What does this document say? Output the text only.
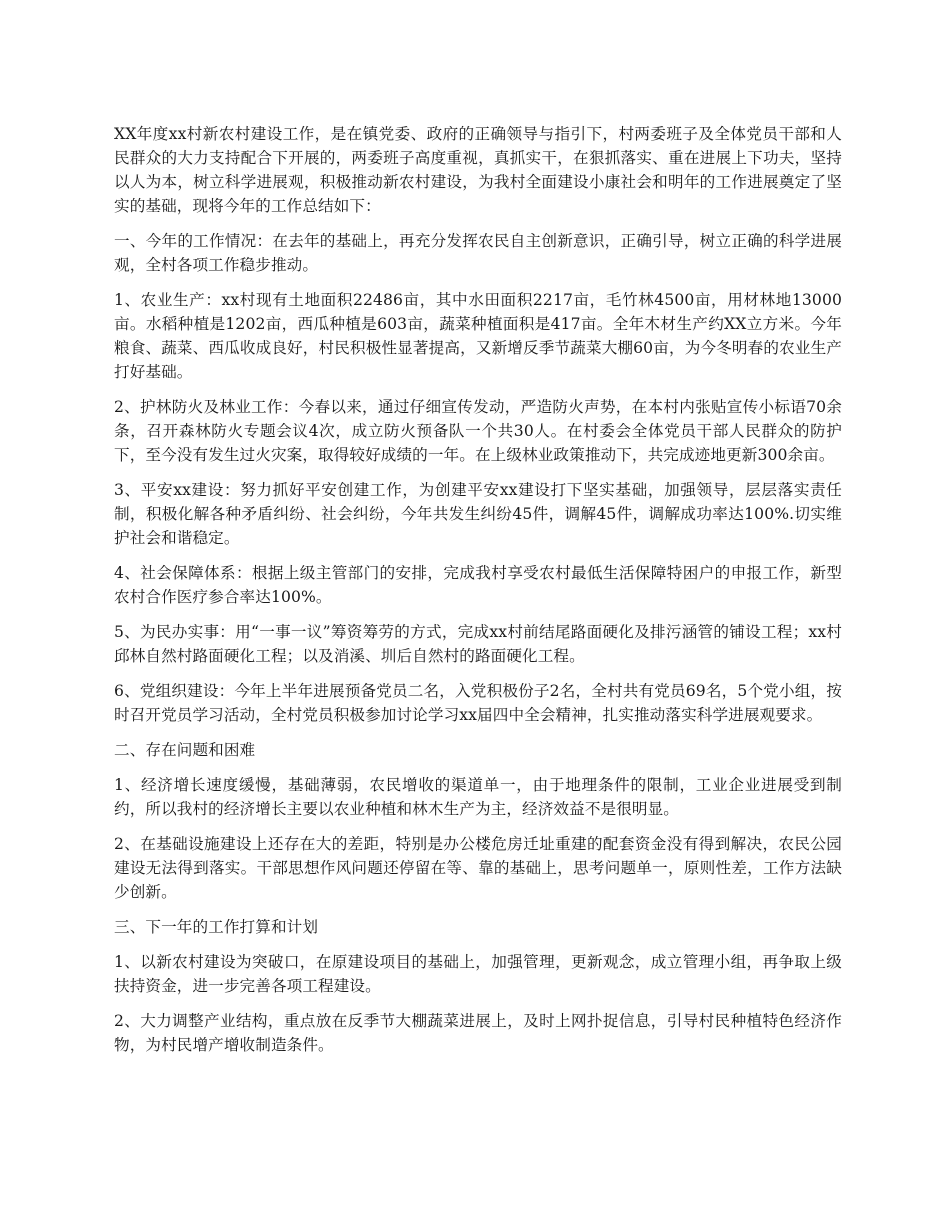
XX年度xx村新农村建设工作，是在镇党委、政府的正确领导与指引下，村两委班子及全体党员干部和人民群众的大力支持配合下开展的，两委班子高度重视，真抓实干，在狠抓落实、重在进展上下功夫，坚持以人为本，树立科学进展观，积极推动新农村建设，为我村全面建设小康社会和明年的工作进展奠定了坚实的基础，现将今年的工作总结如下：

一、今年的工作情况：在去年的基础上，再充分发挥农民自主创新意识，正确引导，树立正确的科学进展观，全村各项工作稳步推动。

1、农业生产：xx村现有土地面积22486亩，其中水田面积2217亩，毛竹林4500亩，用材林地13000亩。水稻种植是1202亩，西瓜种植是603亩，蔬菜种植面积是417亩。全年木材生产约XX立方米。今年粮食、蔬菜、西瓜收成良好，村民积极性显著提高，又新增反季节蔬菜大棚60亩，为今冬明春的农业生产打好基础。

2、护林防火及林业工作：今春以来，通过仔细宣传发动，严造防火声势，在本村内张贴宣传小标语70余条，召开森林防火专题会议4次，成立防火预备队一个共30人。在村委会全体党员干部人民群众的防护下，至今没有发生过火灾案，取得较好成绩的一年。在上级林业政策推动下，共完成迹地更新300余亩。

3、平安xx建设：努力抓好平安创建工作，为创建平安xx建设打下坚实基础，加强领导，层层落实责任制，积极化解各种矛盾纠纷、社会纠纷，今年共发生纠纷45件，调解45件，调解成功率达100%.切实维护社会和谐稳定。

4、社会保障体系：根据上级主管部门的安排，完成我村享受农村最低生活保障特困户的申报工作，新型农村合作医疗参合率达100%。

5、为民办实事：用“一事一议”筹资筹劳的方式，完成xx村前结尾路面硬化及排污涵管的铺设工程；xx村邱林自然村路面硬化工程；以及消溪、圳后自然村的路面硬化工程。

6、党组织建设：今年上半年进展预备党员二名，入党积极份子2名，全村共有党员69名，5个党小组，按时召开党员学习活动，全村党员积极参加讨论学习xx届四中全会精神，扎实推动落实科学进展观要求。

二、存在问题和困难

1、经济增长速度缓慢，基础薄弱，农民增收的渠道单一，由于地理条件的限制，工业企业进展受到制约，所以我村的经济增长主要以农业种植和林木生产为主，经济效益不是很明显。

2、在基础设施建设上还存在大的差距，特别是办公楼危房迁址重建的配套资金没有得到解决，农民公园建设无法得到落实。干部思想作风问题还停留在等、靠的基础上，思考问题单一，原则性差，工作方法缺少创新。

三、下一年的工作打算和计划

1、以新农村建设为突破口，在原建设项目的基础上，加强管理，更新观念，成立管理小组，再争取上级扶持资金，进一步完善各项工程建设。

2、大力调整产业结构，重点放在反季节大棚蔬菜进展上，及时上网扑捉信息，引导村民种植特色经济作物，为村民增产增收制造条件。
